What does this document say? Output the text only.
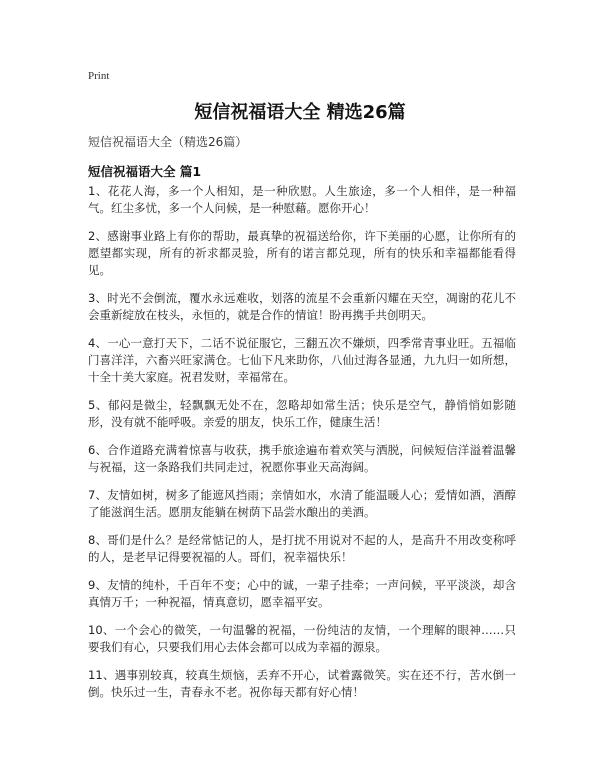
Print
短信祝福语大全 精选26篇

短信祝福语大全（精选26篇）

短信祝福语大全 篇1

1、花花人海，多一个人相知，是一种欣慰。人生旅途，多一个人相伴，是一种福气。红尘多忧，多一个人问候，是一种慰藉。愿你开心！

2、感谢事业路上有你的帮助，最真挚的祝福送给你，许下美丽的心愿，让你所有的愿望都实现，所有的祈求都灵验，所有的诺言都兑现，所有的快乐和幸福都能看得见。

3、时光不会倒流，覆水永远难收，划落的流星不会重新闪耀在天空，凋谢的花儿不会重新绽放在枝头，永恒的，就是合作的情谊！盼再携手共创明天。

4、一心一意打天下，二话不说征服它，三翻五次不嫌烦，四季常青事业旺。五福临门喜洋洋，六畜兴旺家满仓。七仙下凡来助你，八仙过海各显通，九九归一如所想，十全十美大家庭。祝君发财，幸福常在。

5、郁闷是微尘，轻飘飘无处不在，忽略却如常生活；快乐是空气，静悄悄如影随形，没有就不能呼吸。亲爱的朋友，快乐工作，健康生活！

6、合作道路充满着惊喜与收获，携手旅途遍布着欢笑与洒脱，问候短信洋溢着温馨与祝福，这一条路我们共同走过，祝愿你事业天高海阔。

7、友情如树，树多了能遮风挡雨；亲情如水，水清了能温暖人心；爱情如酒，酒醇了能滋润生活。愿朋友能躺在树荫下品尝水酿出的美酒。

8、哥们是什么？是经常惦记的人，是打扰不用说对不起的人，是高升不用改变称呼的人，是老早记得要祝福的人。哥们，祝幸福快乐！

9、友情的纯朴，千百年不变；心中的诚，一辈子挂牵；一声问候，平平淡淡，却含真情万千；一种祝福，情真意切，愿幸福平安。

10、一个会心的微笑，一句温馨的祝福，一份纯洁的友情，一个理解的眼神……只要我们有心，只要我们用心去体会都可以成为幸福的源泉。

11、遇事别较真，较真生烦恼，丢弃不开心，试着露微笑。实在还不行，苦水倒一倒。快乐过一生，青春永不老。祝你每天都有好心情！
